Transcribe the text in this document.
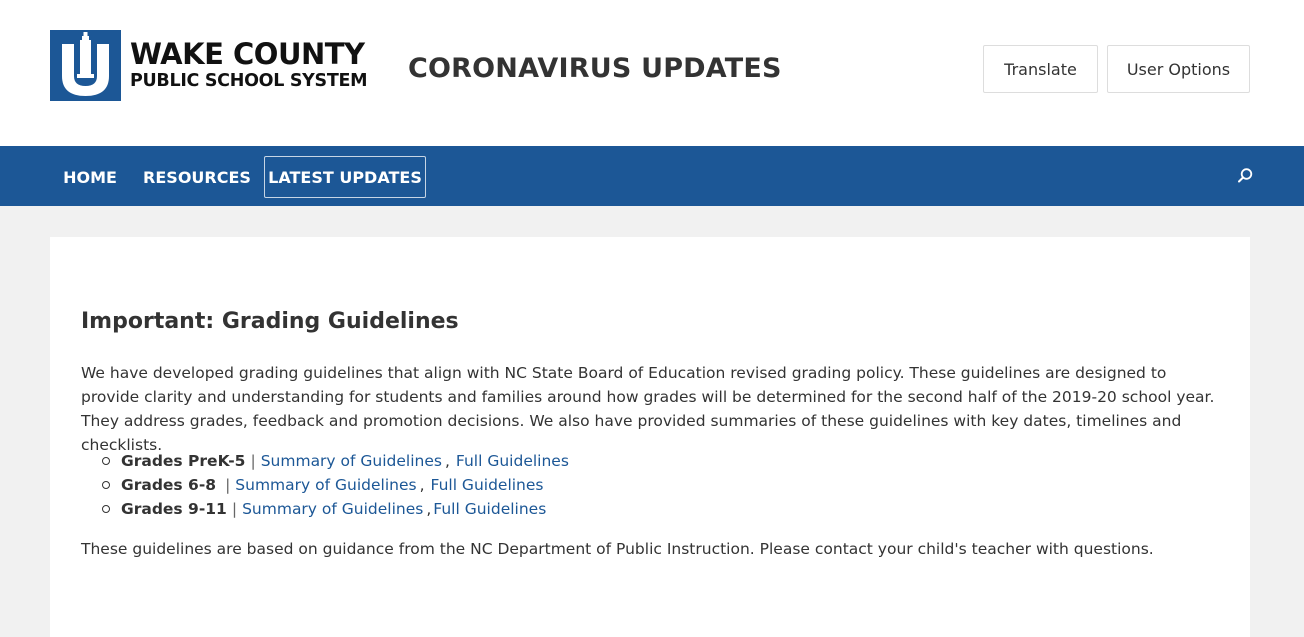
WAKE COUNTY
PUBLIC SCHOOL SYSTEM CORONAVIRUS UPDATES	Translate	User Options
HOME	RESOURCES	LATEST UPDATES
Important: Grading Guidelines

We have developed grading guidelines that align with NC State Board of Education revised grading policy. These guidelines are designed to provide clarity and understanding for students and families around how grades will be determined for the second half of the 2019-20 school year. They address grades, feedback and promotion decisions. We also have provided summaries of these guidelines with key dates, timelines and checklists.

Grades PreK-5 | Summary of Guidelines , Full Guidelines
Grades 6-8 | Summary of Guidelines , Full Guidelines
Grades 9-11 | Summary of Guidelines , Full Guidelines

These guidelines are based on guidance from the NC Department of Public Instruction. Please contact your child's teacher with questions.
